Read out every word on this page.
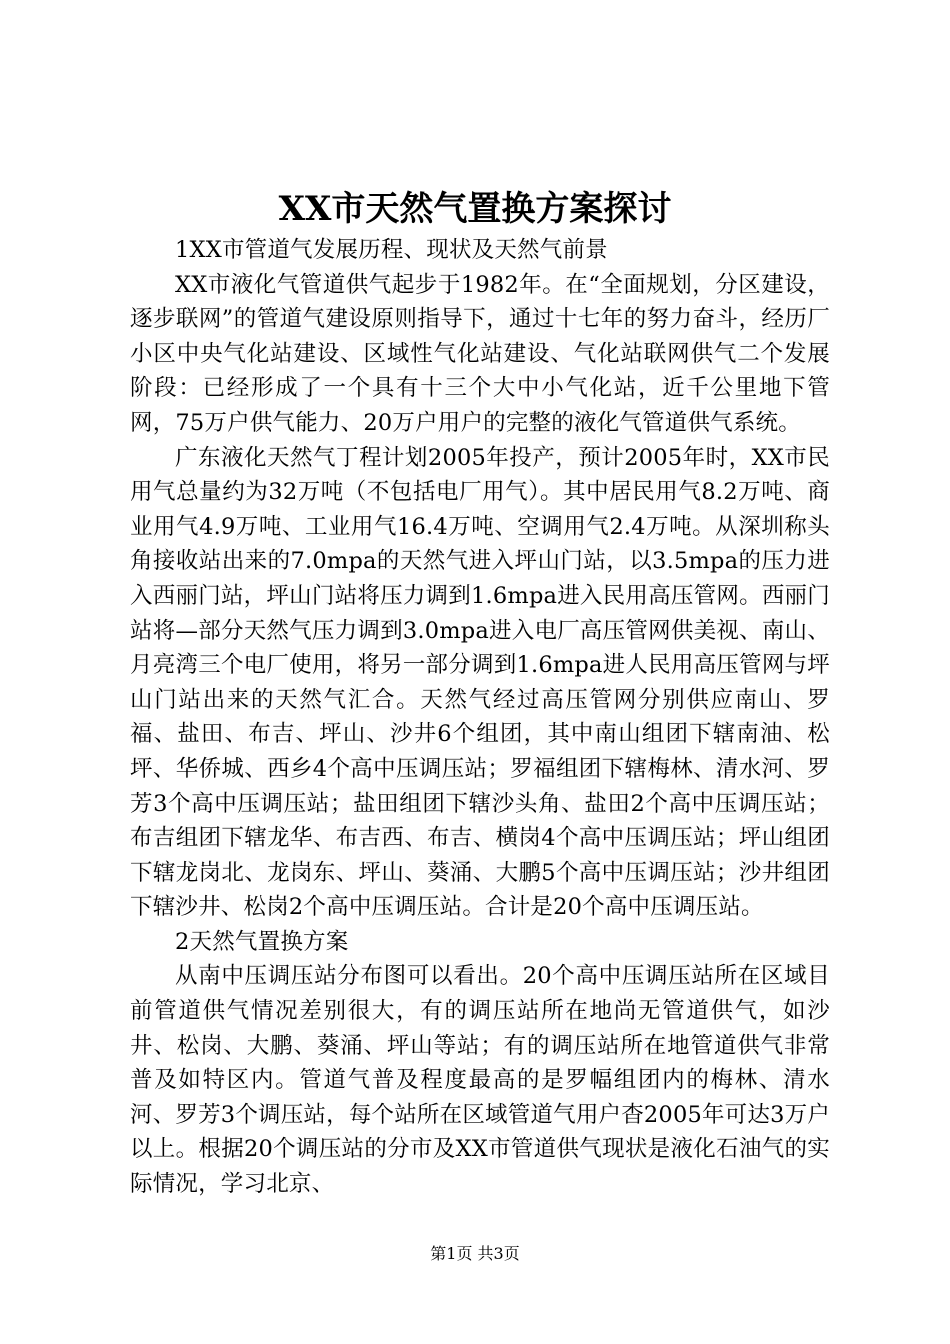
XX市天然气置换方案探讨

1XX市管道气发展历程、现状及天然气前景

XX市液化气管道供气起步于1982年。在“全面规划，分区建设，逐步联网”的管道气建设原则指导下，通过十七年的努力奋斗，经历厂小区中央气化站建设、区域性气化站建设、气化站联网供气二个发展阶段：已经形成了一个具有十三个大中小气化站，近千公里地下管网，75万户供气能力、20万户用户的完整的液化气管道供气系统。

广东液化天然气丁程计划2005年投产，预计2005年时，XX市民用气总量约为32万吨（不包括电厂用气）。其中居民用气8.2万吨、商业用气4.9万吨、工业用气16.4万吨、空调用气2.4万吨。从深圳称头角接收站出来的7.0mpa的天然气进入坪山门站，以3.5mpa的压力进入西丽门站，坪山门站将压力调到1.6mpa进入民用高压管网。西丽门站将—部分天然气压力调到3.0mpa进入电厂高压管网供美视、南山、月亮湾三个电厂使用，将另一部分调到1.6mpa进人民用高压管网与坪山门站出来的天然气汇合。天然气经过高压管网分别供应南山、罗福、盐田、布吉、坪山、沙井6个组团，其中南山组团下辖南油、松坪、华侨城、西乡4个高中压调压站；罗福组团下辖梅林、清水河、罗芳3个高中压调压站；盐田组团下辖沙头角、盐田2个高中压调压站；布吉组团下辖龙华、布吉西、布吉、横岗4个高中压调压站；坪山组团下辖龙岗北、龙岗东、坪山、葵涌、大鹏5个高中压调压站；沙井组团下辖沙井、松岗2个高中压调压站。合计是20个高中压调压站。

2天然气置换方案

从南中压调压站分布图可以看出。20个高中压调压站所在区域目前管道供气情况差别很大，有的调压站所在地尚无管道供气，如沙井、松岗、大鹏、葵涌、坪山等站；有的调压站所在地管道供气非常普及如特区内。管道气普及程度最高的是罗幅组团内的梅林、清水河、罗芳3个调压站，每个站所在区域管道气用户杳2005年可达3万户以上。根据20个调压站的分市及XX市管道供气现状是液化石油气的实际情况，学习北京、

第1页 共3页
